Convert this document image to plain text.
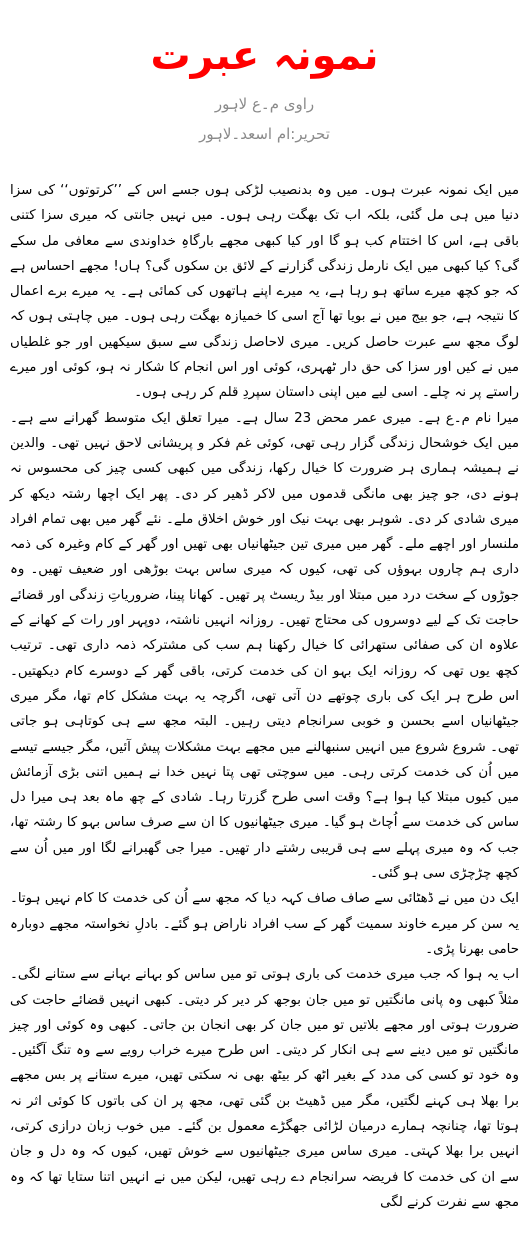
نمونہ عبرت
راوی م۔ع لاہور
تحریر:ام اسعد۔لاہور

میں ایک نمونہ عبرت ہوں۔ میں وہ بدنصیب لڑکی ہوں جسے اس کے ’’کرتوتوں‘‘ کی سزا دنیا میں ہی مل گئی، بلکہ اب تک بھگت رہی ہوں۔ میں نہیں جانتی کہ میری سزا کتنی باقی ہے، اس کا اختتام کب ہو گا اور کیا کبھی مجھے بارگاہِ خداوندی سے معافی مل سکے گی؟ کیا کبھی میں ایک نارمل زندگی گزارنے کے لائق بن سکوں گی؟ ہاں! مجھے احساس ہے کہ جو کچھ میرے ساتھ ہو رہا ہے، یہ میرے اپنے ہاتھوں کی کمائی ہے۔ یہ میرے برے اعمال کا نتیجہ ہے، جو بیج میں نے بویا تھا آج اسی کا خمیازہ بھگت رہی ہوں۔ میں چاہتی ہوں کہ لوگ مجھ سے عبرت حاصل کریں۔ میری لاحاصل زندگی سے سبق سیکھیں اور جو غلطیاں میں نے کیں اور سزا کی حق دار ٹھہری، کوئی اور اس انجام کا شکار نہ ہو، کوئی اور میرے راستے پر نہ چلے۔ اسی لیے میں اپنی داستان سپردِ قلم کر رہی ہوں۔

میرا نام م۔ع ہے۔ میری عمر محض 23 سال ہے۔ میرا تعلق ایک متوسط گھرانے سے ہے۔ میں ایک خوشحال زندگی گزار رہی تھی، کوئی غم فکر و پریشانی لاحق نہیں تھی۔ والدین نے ہمیشہ ہماری ہر ضرورت کا خیال رکھا، زندگی میں کبھی کسی چیز کی محسوس نہ ہونے دی، جو چیز بھی مانگی قدموں میں لاکر ڈھیر کر دی۔ پھر ایک اچھا رشتہ دیکھ کر میری شادی کر دی۔ شوہر بھی بہت نیک اور خوش اخلاق ملے۔ نئے گھر میں بھی تمام افراد ملنسار اور اچھے ملے۔ گھر میں میری تین جیٹھانیاں بھی تھیں اور گھر کے کام وغیرہ کی ذمہ داری ہم چاروں بہوؤں کی تھی، کیوں کہ میری ساس بہت بوڑھی اور ضعیف تھیں۔ وہ جوڑوں کے سخت درد میں مبتلا اور بیڈ ریسٹ پر تھیں۔ کھانا پینا، ضروریاتِ زندگی اور قضائے حاجت تک کے لیے دوسروں کی محتاج تھیں۔ روزانہ انہیں ناشتہ، دوپہر اور رات کے کھانے کے علاوہ ان کی صفائی ستھرائی کا خیال رکھنا ہم سب کی مشترکہ ذمہ داری تھی۔ ترتیب کچھ یوں تھی کہ روزانہ ایک بہو ان کی خدمت کرتی، باقی گھر کے دوسرے کام دیکھتیں۔ اس طرح ہر ایک کی باری چوتھے دن آتی تھی، اگرچہ یہ بہت مشکل کام تھا، مگر میری جیٹھانیاں اسے بحسن و خوبی سرانجام دیتی رہیں۔ البتہ مجھ سے ہی کوتاہی ہو جاتی تھی۔ شروع شروع میں انہیں سنبھالنے میں مجھے بہت مشکلات پیش آئیں، مگر جیسے تیسے میں اُن کی خدمت کرتی رہی۔ میں سوچتی تھی پتا نہیں خدا نے ہمیں اتنی بڑی آزمائش میں کیوں مبتلا کیا ہوا ہے؟ وقت اسی طرح گزرتا رہا۔ شادی کے چھ ماہ بعد ہی میرا دل ساس کی خدمت سے اُچاٹ ہو گیا۔ میری جیٹھانیوں کا ان سے صرف ساس بہو کا رشتہ تھا، جب کہ وہ میری پہلے سے ہی قریبی رشتے دار تھیں۔ میرا جی گھبرانے لگا اور میں اُن سے کچھ چڑچڑی سی ہو گئی۔

ایک دن میں نے ڈھٹائی سے صاف صاف کہہ دیا کہ مجھ سے اُن کی خدمت کا کام نہیں ہوتا۔ یہ سن کر میرے خاوند سمیت گھر کے سب افراد ناراض ہو گئے۔ بادلِ نخواستہ مجھے دوبارہ حامی بھرنا پڑی۔

اب یہ ہوا کہ جب میری خدمت کی باری ہوتی تو میں ساس کو بہانے بہانے سے ستانے لگی۔ مثلاً کبھی وہ پانی مانگتیں تو میں جان بوجھ کر دیر کر دیتی۔ کبھی انہیں قضائے حاجت کی ضرورت ہوتی اور مجھے بلاتیں تو میں جان کر بھی انجان بن جاتی۔ کبھی وہ کوئی اور چیز مانگتیں تو میں دینے سے ہی انکار کر دیتی۔ اس طرح میرے خراب رویے سے وہ تنگ آگئیں۔ وہ خود تو کسی کی مدد کے بغیر اٹھ کر بیٹھ بھی نہ سکتی تھیں، میرے ستانے پر بس مجھے برا بھلا ہی کہنے لگتیں، مگر میں ڈھیٹ بن گئی تھی، مجھ پر ان کی باتوں کا کوئی اثر نہ ہوتا تھا، چنانچہ ہمارے درمیان لڑائی جھگڑے معمول بن گئے۔ میں خوب زبان درازی کرتی، انہیں برا بھلا کہتی۔ میری ساس میری جیٹھانیوں سے خوش تھیں، کیوں کہ وہ دل و جان سے ان کی خدمت کا فریضہ سرانجام دے رہی تھیں، لیکن میں نے انہیں اتنا ستایا تھا کہ وہ مجھ سے نفرت کرنے لگی
